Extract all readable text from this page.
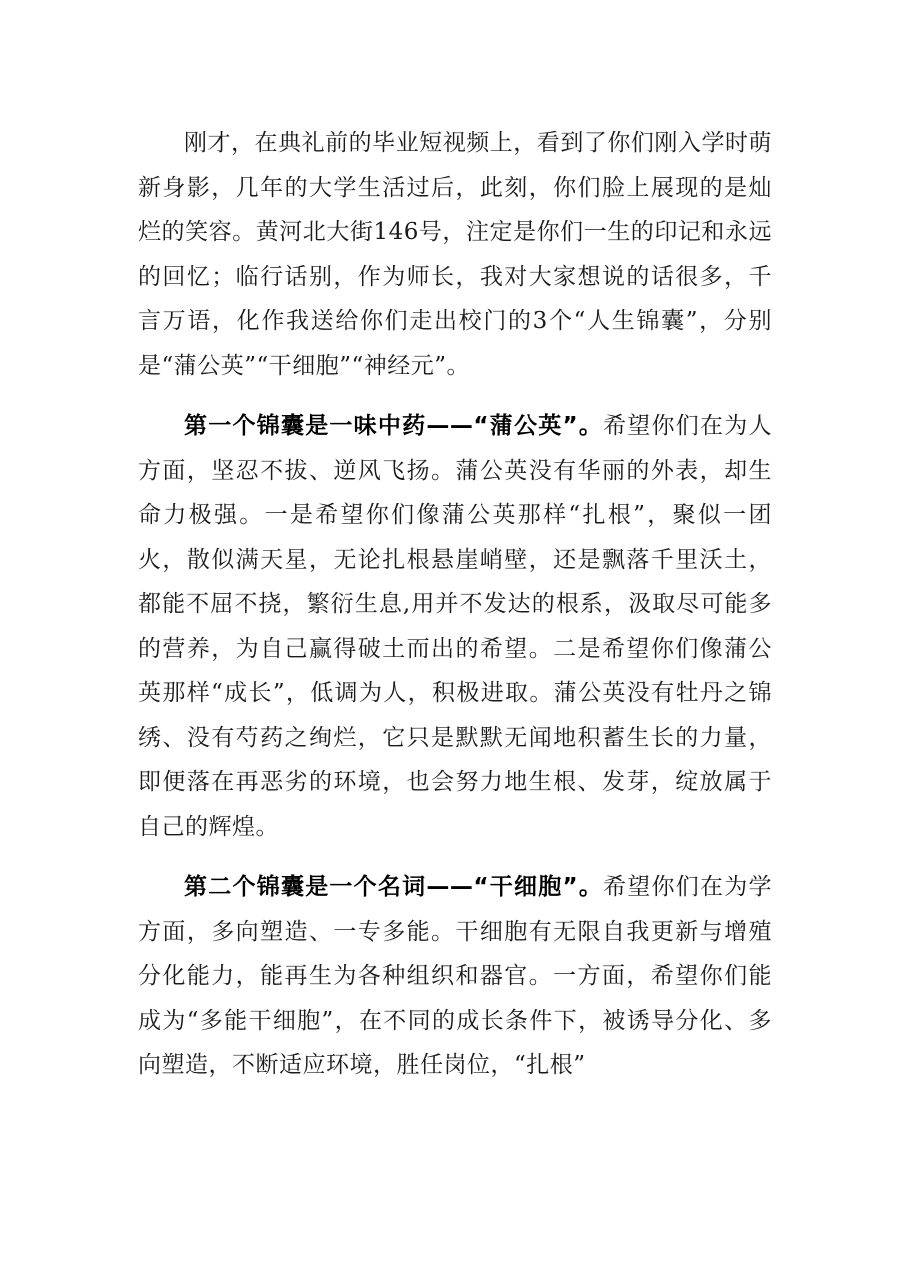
刚才，在典礼前的毕业短视频上，看到了你们刚入学时萌新身影，几年的大学生活过后，此刻，你们脸上展现的是灿烂的笑容。黄河北大街146号，注定是你们一生的印记和永远的回忆；临行话别，作为师长，我对大家想说的话很多，千言万语，化作我送给你们走出校门的3个“人生锦囊”，分别是“蒲公英”“干细胞”“神经元”。

第一个锦囊是一味中药——“蒲公英”。希望你们在为人方面，坚忍不拔、逆风飞扬。蒲公英没有华丽的外表，却生命力极强。一是希望你们像蒲公英那样“扎根”，聚似一团火，散似满天星，无论扎根悬崖峭壁，还是飘落千里沃土，都能不屈不挠，繁衍生息,用并不发达的根系，汲取尽可能多的营养，为自己赢得破土而出的希望。二是希望你们像蒲公英那样“成长”，低调为人，积极进取。蒲公英没有牡丹之锦绣、没有芍药之绚烂，它只是默默无闻地积蓄生长的力量，即便落在再恶劣的环境，也会努力地生根、发芽，绽放属于自己的辉煌。

第二个锦囊是一个名词——“干细胞”。希望你们在为学方面，多向塑造、一专多能。干细胞有无限自我更新与增殖分化能力，能再生为各种组织和器官。一方面，希望你们能成为“多能干细胞”，在不同的成长条件下，被诱导分化、多向塑造，不断适应环境，胜任岗位，“扎根”
